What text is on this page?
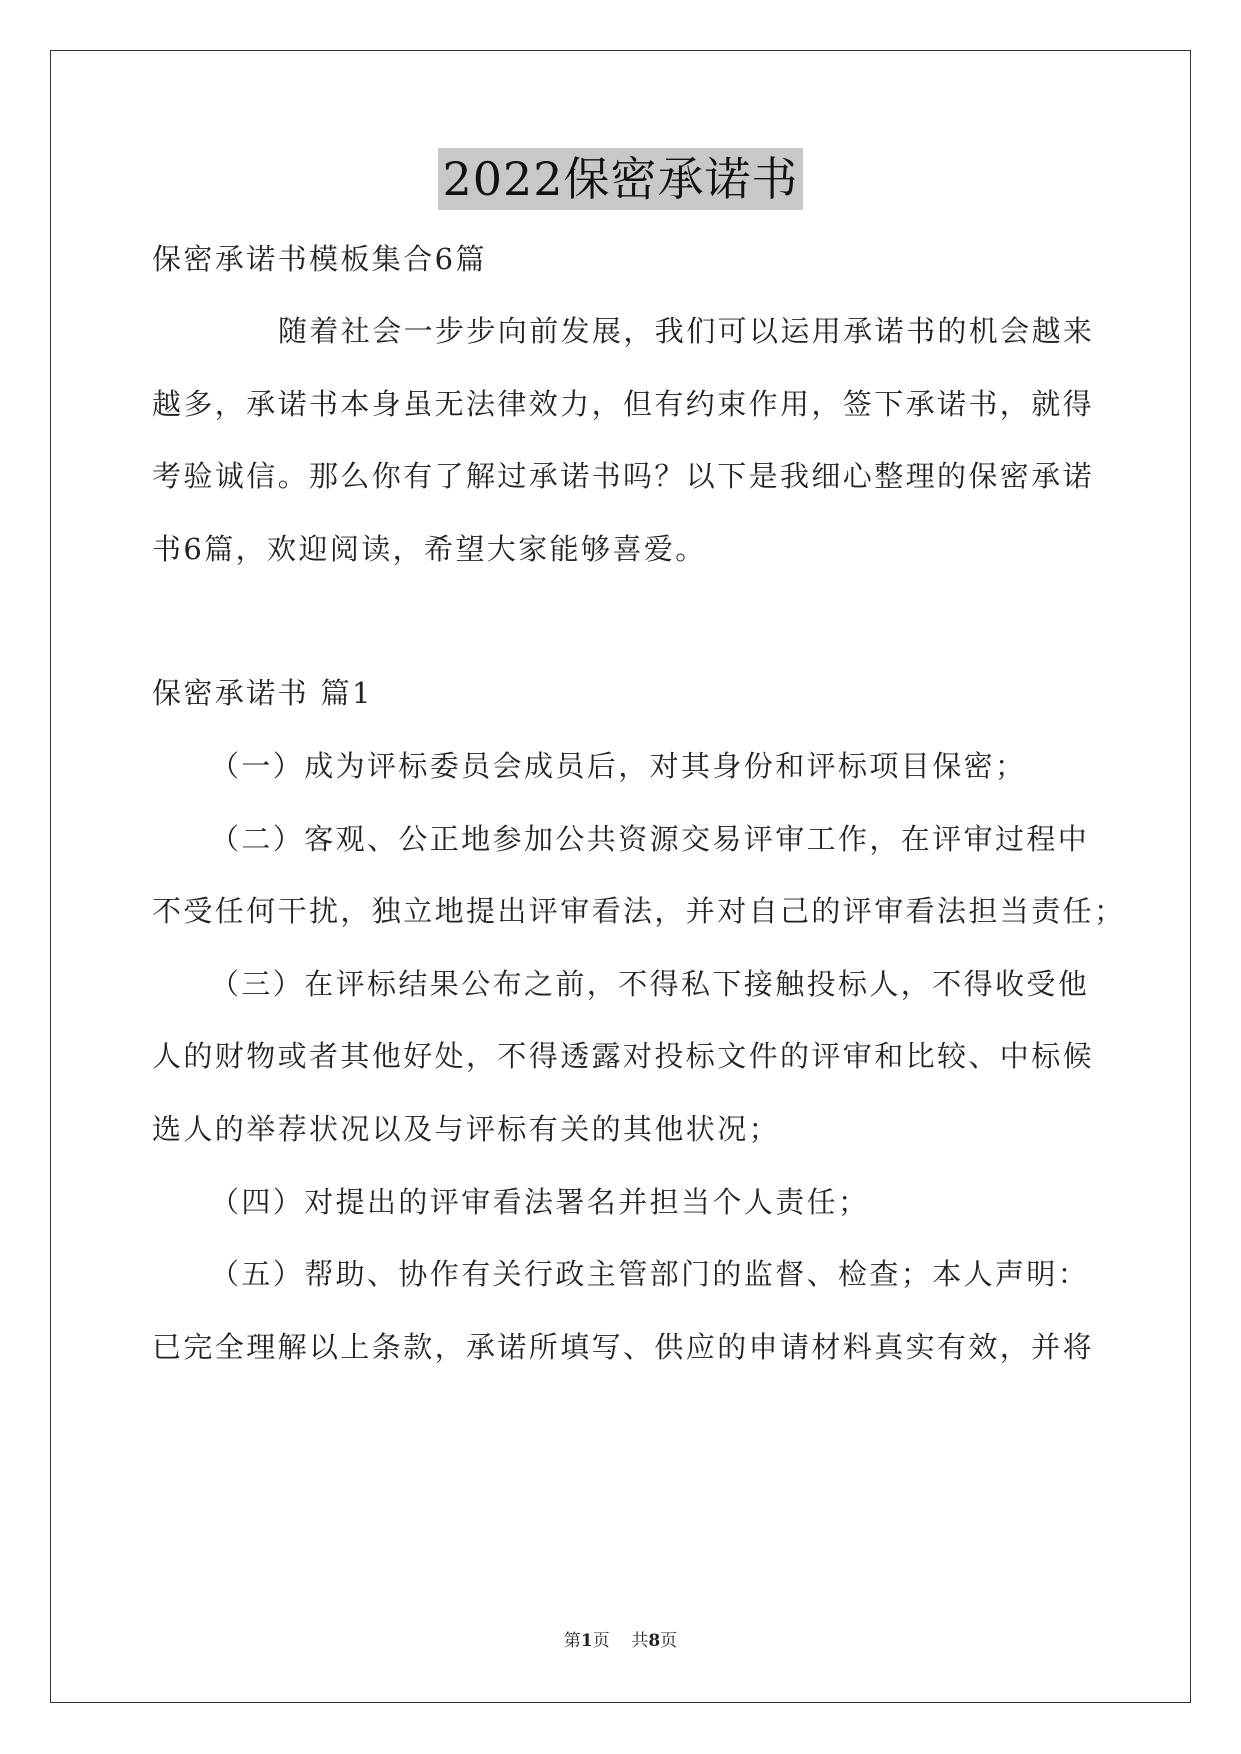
2022保密承诺书
保密承诺书模板集合6篇
随着社会一步步向前发展，我们可以运用承诺书的机会越来
越多，承诺书本身虽无法律效力，但有约束作用，签下承诺书，就得
考验诚信。那么你有了解过承诺书吗？以下是我细心整理的保密承诺
书6篇，欢迎阅读，希望大家能够喜爱。
保密承诺书 篇1
（一）成为评标委员会成员后，对其身份和评标项目保密；
（二）客观、公正地参加公共资源交易评审工作，在评审过程中
不受任何干扰，独立地提出评审看法，并对自己的评审看法担当责任；
（三）在评标结果公布之前，不得私下接触投标人，不得收受他
人的财物或者其他好处，不得透露对投标文件的评审和比较、中标候
选人的举荐状况以及与评标有关的其他状况；
（四）对提出的评审看法署名并担当个人责任；
（五）帮助、协作有关行政主管部门的监督、检查；本人声明：
已完全理解以上条款，承诺所填写、供应的申请材料真实有效，并将
第1页 共8页
